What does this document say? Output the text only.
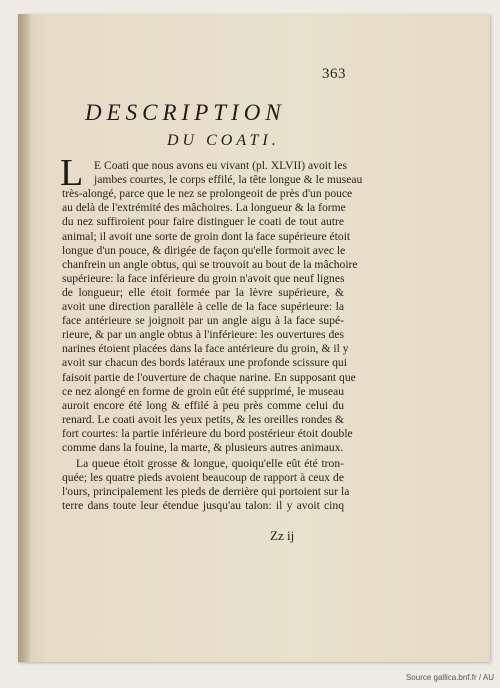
363
DESCRIPTION
DU COATI.
L E Coati que nous avons eu vivant (pl. XLVII) avoit les
jambes courtes, le corps effilé, la tête longue & le museau
très-alongé, parce que le nez se prolongeoit de près d'un pouce
au delà de l'extrémité des mâchoires. La longueur & la forme
du nez suffiroient pour faire distinguer le coati de tout autre
animal; il avoit une sorte de groin dont la face supérieure étoit
longue d'un pouce, & dirigée de façon qu'elle formoit avec le
chanfrein un angle obtus, qui se trouvoit au bout de la mâchoire
supérieure: la face inférieure du groin n'avoit que neuf lignes
de longueur; elle étoit formée par la lèvre supérieure, &
avoit une direction parallèle à celle de la face supérieure: la
face antérieure se joignoit par un angle aigu à la face supé-
rieure, & par un angle obtus à l'inférieure: les ouvertures des
narines étoient placées dans la face antérieure du groin, & il y
avoit sur chacun des bords latéraux une profonde scissure qui
faisoit partie de l'ouverture de chaque narine. En supposant que
ce nez alongé en forme de groin eût été supprimé, le museau
auroit encore été long & effilé à peu près comme celui du
renard. Le coati avoit les yeux petits, & les oreilles rondes &
fort courtes: la partie inférieure du bord postérieur étoit double
comme dans la fouine, la marte, & plusieurs autres animaux.
La queue étoit grosse & longue, quoiqu'elle eût été tron-
quée; les quatre pieds avoient beaucoup de rapport à ceux de
l'ours, principalement les pieds de derrière qui portoient sur la
terre dans toute leur étendue jusqu'au talon: il y avoit cinq
Zz ij
Source gallica.bnf.fr / AU
